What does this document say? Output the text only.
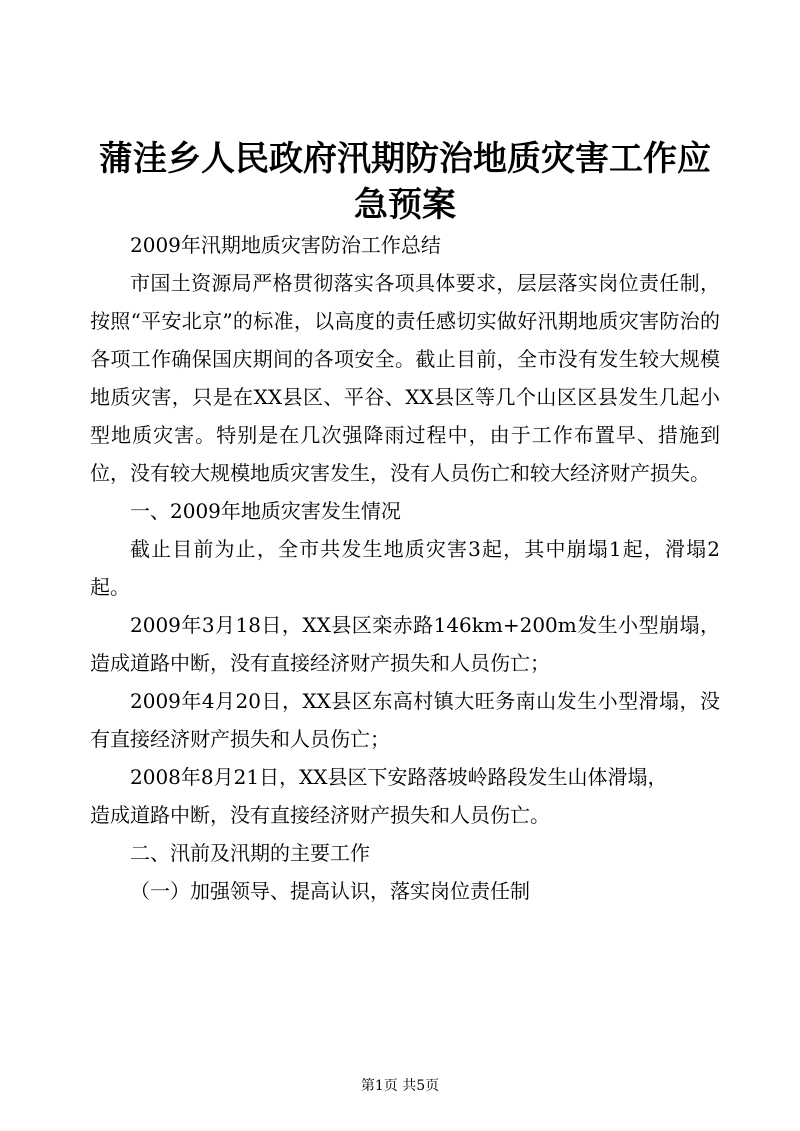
蒲洼乡人民政府汛期防治地质灾害工作应急预案

2009年汛期地质灾害防治工作总结

市国土资源局严格贯彻落实各项具体要求，层层落实岗位责任制，按照“平安北京”的标准，以高度的责任感切实做好汛期地质灾害防治的各项工作确保国庆期间的各项安全。截止目前，全市没有发生较大规模地质灾害，只是在XX县区、平谷、XX县区等几个山区区县发生几起小型地质灾害。特别是在几次强降雨过程中，由于工作布置早、措施到位，没有较大规模地质灾害发生，没有人员伤亡和较大经济财产损失。

一、2009年地质灾害发生情况

截止目前为止，全市共发生地质灾害3起，其中崩塌1起，滑塌2起。

2009年3月18日，XX县区栾赤路146km+200m发生小型崩塌，造成道路中断，没有直接经济财产损失和人员伤亡；

2009年4月20日，XX县区东高村镇大旺务南山发生小型滑塌，没有直接经济财产损失和人员伤亡；

2008年8月21日，XX县区下安路落坡岭路段发生山体滑塌，

造成道路中断，没有直接经济财产损失和人员伤亡。

二、汛前及汛期的主要工作

（一）加强领导、提高认识，落实岗位责任制

第1页 共5页
